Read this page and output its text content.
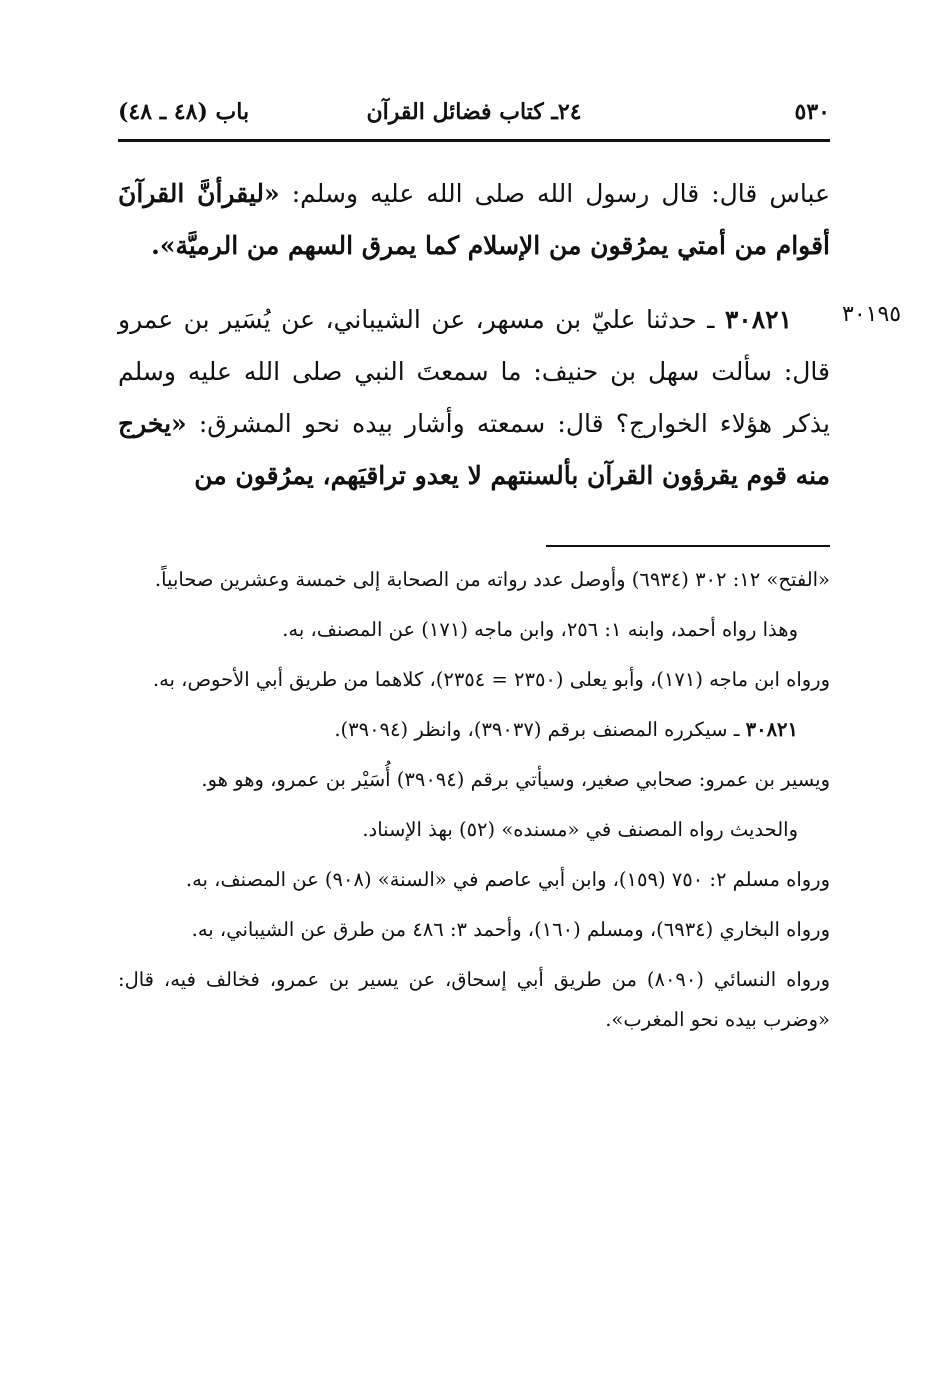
٥٣٠
٢٤ـ كتاب فضائل القرآن
باب (٤٨ ـ ٤٨)

عباس قال: قال رسول الله صلى الله عليه وسلم: «ليقرأنَّ القرآنَ أقوام من أمتي يمرُقون من الإسلام كما يمرق السهم من الرميَّة».

٣٠١٩٥

٣٠٨٢١ ـ حدثنا عليّ بن مسهر، عن الشيباني، عن يُسَير بن عمرو قال: سألت سهل بن حنيف: ما سمعتَ النبي صلى الله عليه وسلم يذكر هؤلاء الخوارج؟ قال: سمعته وأشار بيده نحو المشرق: «يخرج منه قوم يقرؤون القرآن بألسنتهم لا يعدو تراقيَهم، يمرُقون من

«الفتح» ١٢: ٣٠٢ (٦٩٣٤) وأوصل عدد رواته من الصحابة إلى خمسة وعشرين صحابياً.

وهذا رواه أحمد، وابنه ١: ٢٥٦، وابن ماجه (١٧١) عن المصنف، به.

ورواه ابن ماجه (١٧١)، وأبو يعلى (٢٣٥٠ = ٢٣٥٤)، كلاهما من طريق أبي الأحوص، به.

٣٠٨٢١ ـ سيكرره المصنف برقم (٣٩٠٣٧)، وانظر (٣٩٠٩٤).

ويسير بن عمرو: صحابي صغير، وسيأتي برقم (٣٩٠٩٤) أُسَيْر بن عمرو، وهو هو.

والحديث رواه المصنف في «مسنده» (٥٢) بهذ الإسناد.

ورواه مسلم ٢: ٧٥٠ (١٥٩)، وابن أبي عاصم في «السنة» (٩٠٨) عن المصنف، به.

ورواه البخاري (٦٩٣٤)، ومسلم (١٦٠)، وأحمد ٣: ٤٨٦ من طرق عن الشيباني، به.

ورواه النسائي (٨٠٩٠) من طريق أبي إسحاق، عن يسير بن عمرو، فخالف فيه، قال: «وضرب بيده نحو المغرب».
